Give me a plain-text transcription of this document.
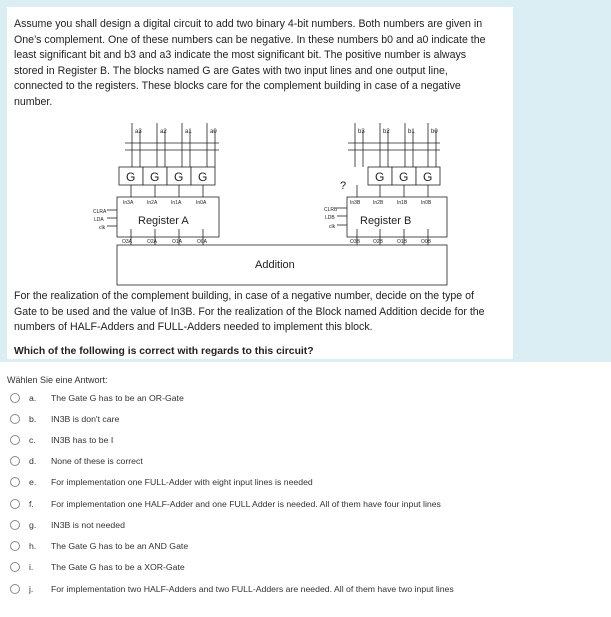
Assume you shall design a digital circuit to add two binary 4-bit numbers. Both numbers are given in
One’s complement. One of these numbers can be negative. In these numbers b0 and a0 indicate the
least significant bit and b3 and a3 indicate the most significant bit. The positive number is always
stored in Register B. The blocks named G are Gates with two input lines and one output line,
connected to the registers. These blocks care for the complement building in case of a negative
number.
a3	a2	a1	a0	b3	b2	b1	b0
G G G G	G G G
?
In3A	In2A	In1A	In0A	In3B	In2B	In1B	In0B
Register A	Register B
O3A	O2A	O1A	O0A	O3B	O2B	O1B	O0B
CLRA
LDA
clk
CLRB
LDB
clk
Addition
For the realization of the complement building, in case of a negative number, decide on the type of
Gate to be used and the value of In3B. For the realization of the Block named Addition decide for the
numbers of HALF-Adders and FULL-Adders needed to implement this block.
Which of the following is correct with regards to this circuit?
Wählen Sie eine Antwort:
a.	The Gate G has to be an OR-Gate
b.	IN3B is don't care
c.	IN3B has to be I
d.	None of these is correct
e.	For implementation one FULL-Adder with eight input lines is needed
f.	For implementation one HALF-Adder and one FULL Adder is needed. All of them have four input lines
g.	IN3B is not needed
h.	The Gate G has to be an AND Gate
i.	The Gate G has to be a XOR-Gate
j.	For implementation two HALF-Adders and two FULL-Adders are needed. All of them have two input lines
